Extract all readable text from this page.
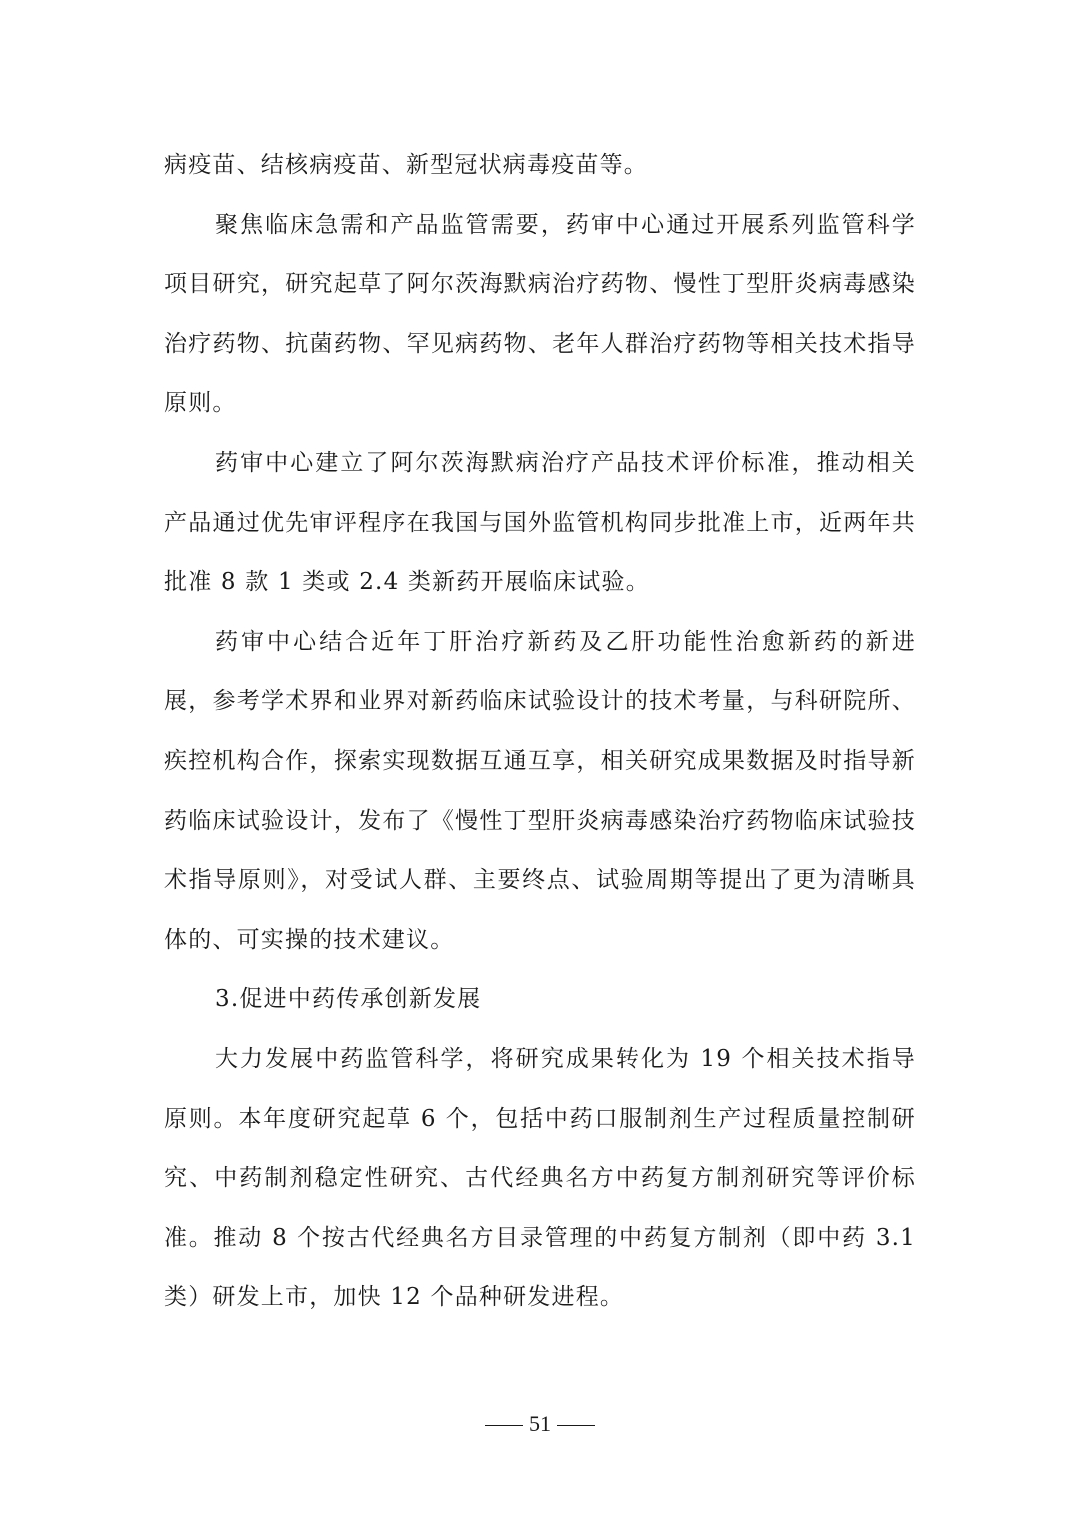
病疫苗、结核病疫苗、新型冠状病毒疫苗等。

聚焦临床急需和产品监管需要，药审中心通过开展系列监管科学项目研究，研究起草了阿尔茨海默病治疗药物、慢性丁型肝炎病毒感染治疗药物、抗菌药物、罕见病药物、老年人群治疗药物等相关技术指导原则。

药审中心建立了阿尔茨海默病治疗产品技术评价标准，推动相关产品通过优先审评程序在我国与国外监管机构同步批准上市，近两年共批准 8 款 1 类或 2.4 类新药开展临床试验。

药审中心结合近年丁肝治疗新药及乙肝功能性治愈新药的新进展，参考学术界和业界对新药临床试验设计的技术考量，与科研院所、疾控机构合作，探索实现数据互通互享，相关研究成果数据及时指导新药临床试验设计，发布了《慢性丁型肝炎病毒感染治疗药物临床试验技术指导原则》，对受试人群、主要终点、试验周期等提出了更为清晰具体的、可实操的技术建议。

3.促进中药传承创新发展

大力发展中药监管科学，将研究成果转化为 19 个相关技术指导原则。本年度研究起草 6 个，包括中药口服制剂生产过程质量控制研究、中药制剂稳定性研究、古代经典名方中药复方制剂研究等评价标准。推动 8 个按古代经典名方目录管理的中药复方制剂（即中药 3.1 类）研发上市，加快 12 个品种研发进程。

51
